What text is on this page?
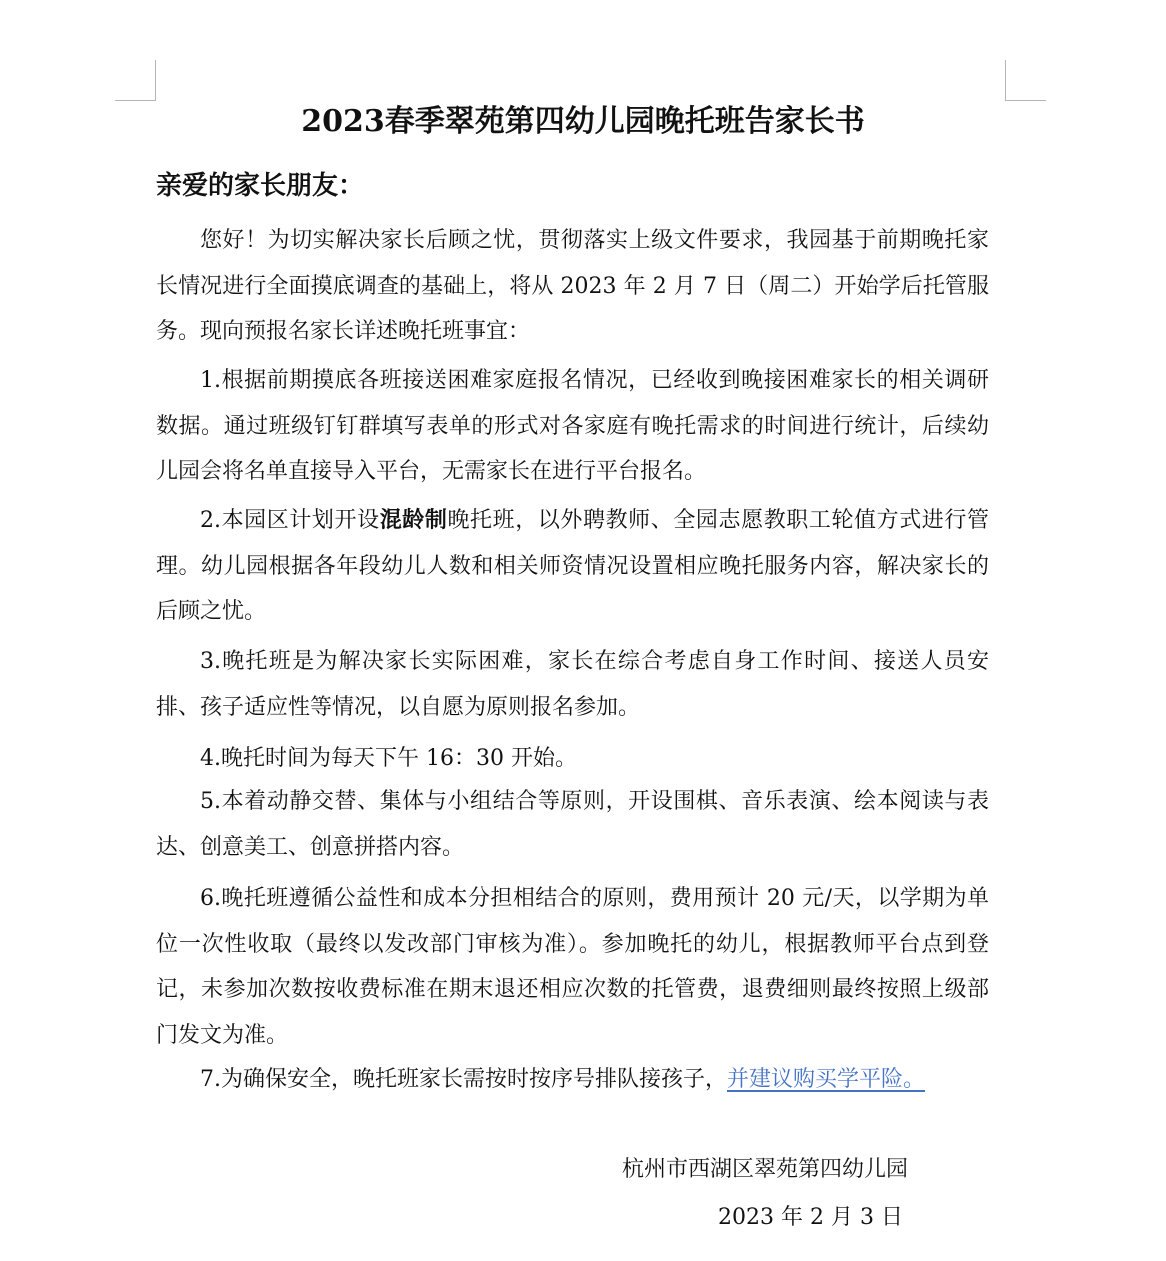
2023春季翠苑第四幼儿园晚托班告家长书

亲爱的家长朋友：

您好！为切实解决家长后顾之忧，贯彻落实上级文件要求，我园基于前期晚托家长情况进行全面摸底调查的基础上，将从 2023 年 2 月 7 日（周二）开始学后托管服务。现向预报名家长详述晚托班事宜：

1.根据前期摸底各班接送困难家庭报名情况，已经收到晚接困难家长的相关调研数据。通过班级钉钉群填写表单的形式对各家庭有晚托需求的时间进行统计，后续幼儿园会将名单直接导入平台，无需家长在进行平台报名。

2.本园区计划开设混龄制晚托班，以外聘教师、全园志愿教职工轮值方式进行管理。幼儿园根据各年段幼儿人数和相关师资情况设置相应晚托服务内容，解决家长的后顾之忧。

3.晚托班是为解决家长实际困难，家长在综合考虑自身工作时间、接送人员安排、孩子适应性等情况，以自愿为原则报名参加。

4.晚托时间为每天下午 16：30 开始。

5.本着动静交替、集体与小组结合等原则，开设围棋、音乐表演、绘本阅读与表达、创意美工、创意拼搭内容。

6.晚托班遵循公益性和成本分担相结合的原则，费用预计 20 元/天，以学期为单位一次性收取（最终以发改部门审核为准）。参加晚托的幼儿，根据教师平台点到登记，未参加次数按收费标准在期末退还相应次数的托管费，退费细则最终按照上级部门发文为准。

7.为确保安全，晚托班家长需按时按序号排队接孩子，并建议购买学平险。

杭州市西湖区翠苑第四幼儿园

2023 年 2 月 3 日
